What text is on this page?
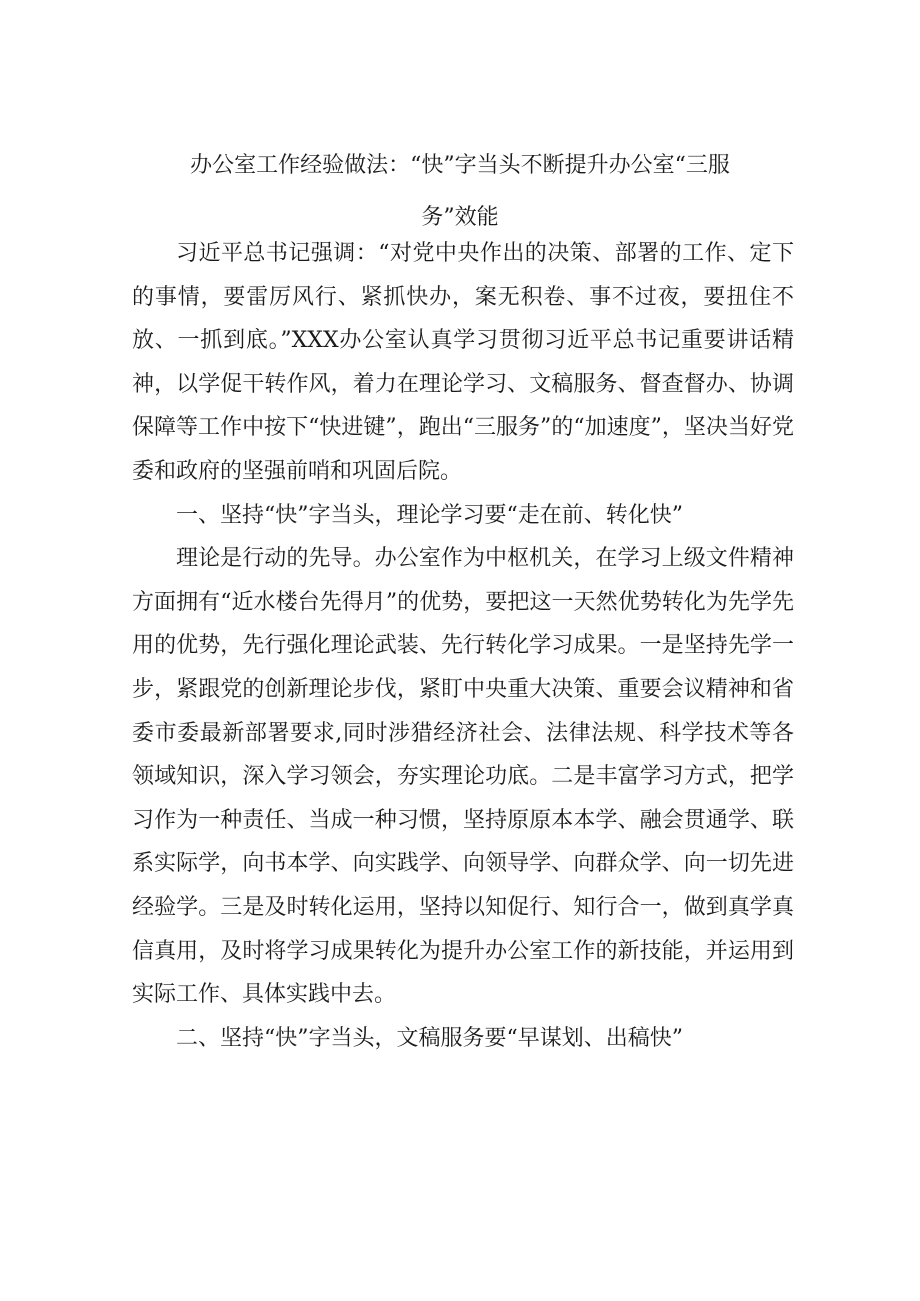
办公室工作经验做法：“快”字当头不断提升办公室“三服
务”效能

习近平总书记强调：“对党中央作出的决策、部署的工作、定下的事情，要雷厉风行、紧抓快办，案无积卷、事不过夜，要扭住不放、一抓到底。”XXX办公室认真学习贯彻习近平总书记重要讲话精神，以学促干转作风，着力在理论学习、文稿服务、督查督办、协调保障等工作中按下“快进键”，跑出“三服务”的“加速度”，坚决当好党委和政府的坚强前哨和巩固后院。

一、坚持“快”字当头，理论学习要“走在前、转化快”

理论是行动的先导。办公室作为中枢机关，在学习上级文件精神方面拥有“近水楼台先得月”的优势，要把这一天然优势转化为先学先用的优势，先行强化理论武装、先行转化学习成果。一是坚持先学一步，紧跟党的创新理论步伐，紧盯中央重大决策、重要会议精神和省委市委最新部署要求,同时涉猎经济社会、法律法规、科学技术等各领域知识，深入学习领会，夯实理论功底。二是丰富学习方式，把学习作为一种责任、当成一种习惯，坚持原原本本学、融会贯通学、联系实际学，向书本学、向实践学、向领导学、向群众学、向一切先进经验学。三是及时转化运用，坚持以知促行、知行合一，做到真学真信真用，及时将学习成果转化为提升办公室工作的新技能，并运用到实际工作、具体实践中去。

二、坚持“快”字当头，文稿服务要“早谋划、出稿快”
